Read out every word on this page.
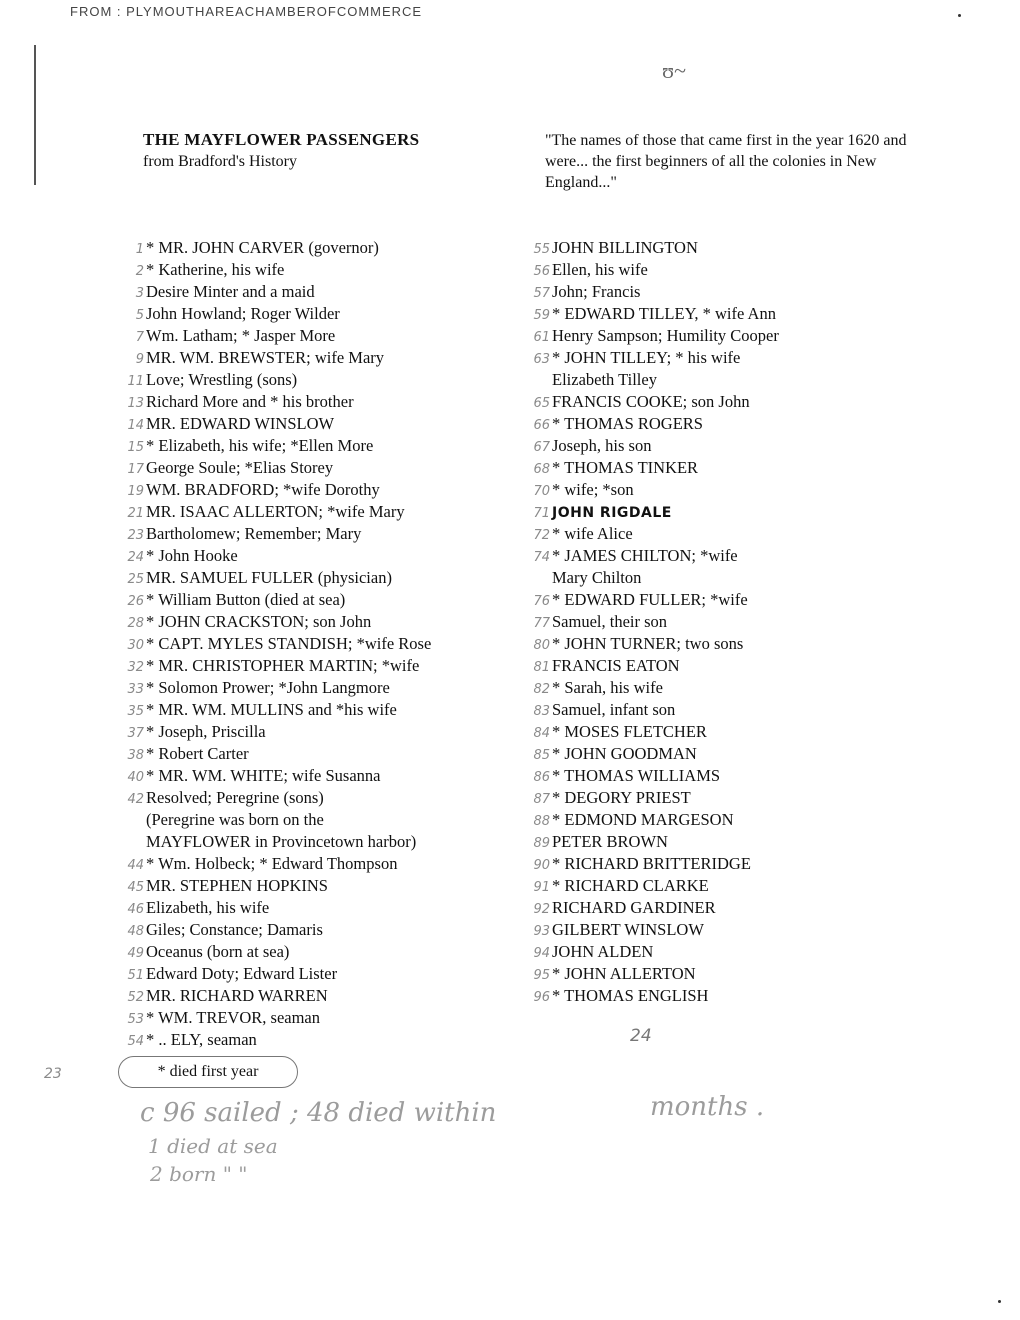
FROM : PLYMOUTHAREACHAMBEROFCOMMERCE
ʊ~
THE MAYFLOWER PASSENGERS
from Bradford's History
"The names of those that came first in the year 1620 and were... the first beginners of all the colonies in New England..."
1 * MR. JOHN CARVER (governor)
2 * Katherine, his wife
3 Desire Minter and a maid
5 John Howland; Roger Wilder
7 Wm. Latham; * Jasper More
9 MR. WM. BREWSTER; wife Mary
11 Love; Wrestling (sons)
13 Richard More and * his brother
14 MR. EDWARD WINSLOW
15 * Elizabeth, his wife; *Ellen More
17 George Soule; *Elias Storey
19 WM. BRADFORD; *wife Dorothy
21 MR. ISAAC ALLERTON; *wife Mary
23 Bartholomew; Remember; Mary
24 * John Hooke
25 MR. SAMUEL FULLER (physician)
26 * William Button (died at sea)
28 * JOHN CRACKSTON; son John
30 * CAPT. MYLES STANDISH; *wife Rose
32 * MR. CHRISTOPHER MARTIN; *wife
33 * Solomon Prower; *John Langmore
35 * MR. WM. MULLINS and *his wife
37 * Joseph, Priscilla
38 * Robert Carter
40 * MR. WM. WHITE; wife Susanna
42 Resolved; Peregrine (sons)
(Peregrine was born on the
MAYFLOWER in Provincetown harbor)
44 * Wm. Holbeck; * Edward Thompson
45 MR. STEPHEN HOPKINS
46 Elizabeth, his wife
48 Giles; Constance; Damaris
49 Oceanus (born at sea)
51 Edward Doty; Edward Lister
52 MR. RICHARD WARREN
53 * WM. TREVOR, seaman
54 * .. ELY, seaman
55 JOHN BILLINGTON
56 Ellen, his wife
57 John; Francis
59 * EDWARD TILLEY, * wife Ann
61 Henry Sampson; Humility Cooper
63 * JOHN TILLEY; * his wife
Elizabeth Tilley
65 FRANCIS COOKE; son John
66 * THOMAS ROGERS
67 Joseph, his son
68 * THOMAS TINKER
70 * wife; *son
71 JOHN RIGDALE
72 * wife Alice
74 * JAMES CHILTON; *wife
Mary Chilton
76 * EDWARD FULLER; *wife
77 Samuel, their son
80 * JOHN TURNER; two sons
81 FRANCIS EATON
82 * Sarah, his wife
83 Samuel, infant son
84 * MOSES FLETCHER
85 * JOHN GOODMAN
86 * THOMAS WILLIAMS
87 * DEGORY PRIEST
88 * EDMOND MARGESON
89 PETER BROWN
90 * RICHARD BRITTERIDGE
91 * RICHARD CLARKE
92 RICHARD GARDINER
93 GILBERT WINSLOW
94 JOHN ALDEN
95 * JOHN ALLERTON
96 * THOMAS ENGLISH
24
23	* died first year
c 96 sailed ; 48 died within
1 died at sea
2 born " "
months .
